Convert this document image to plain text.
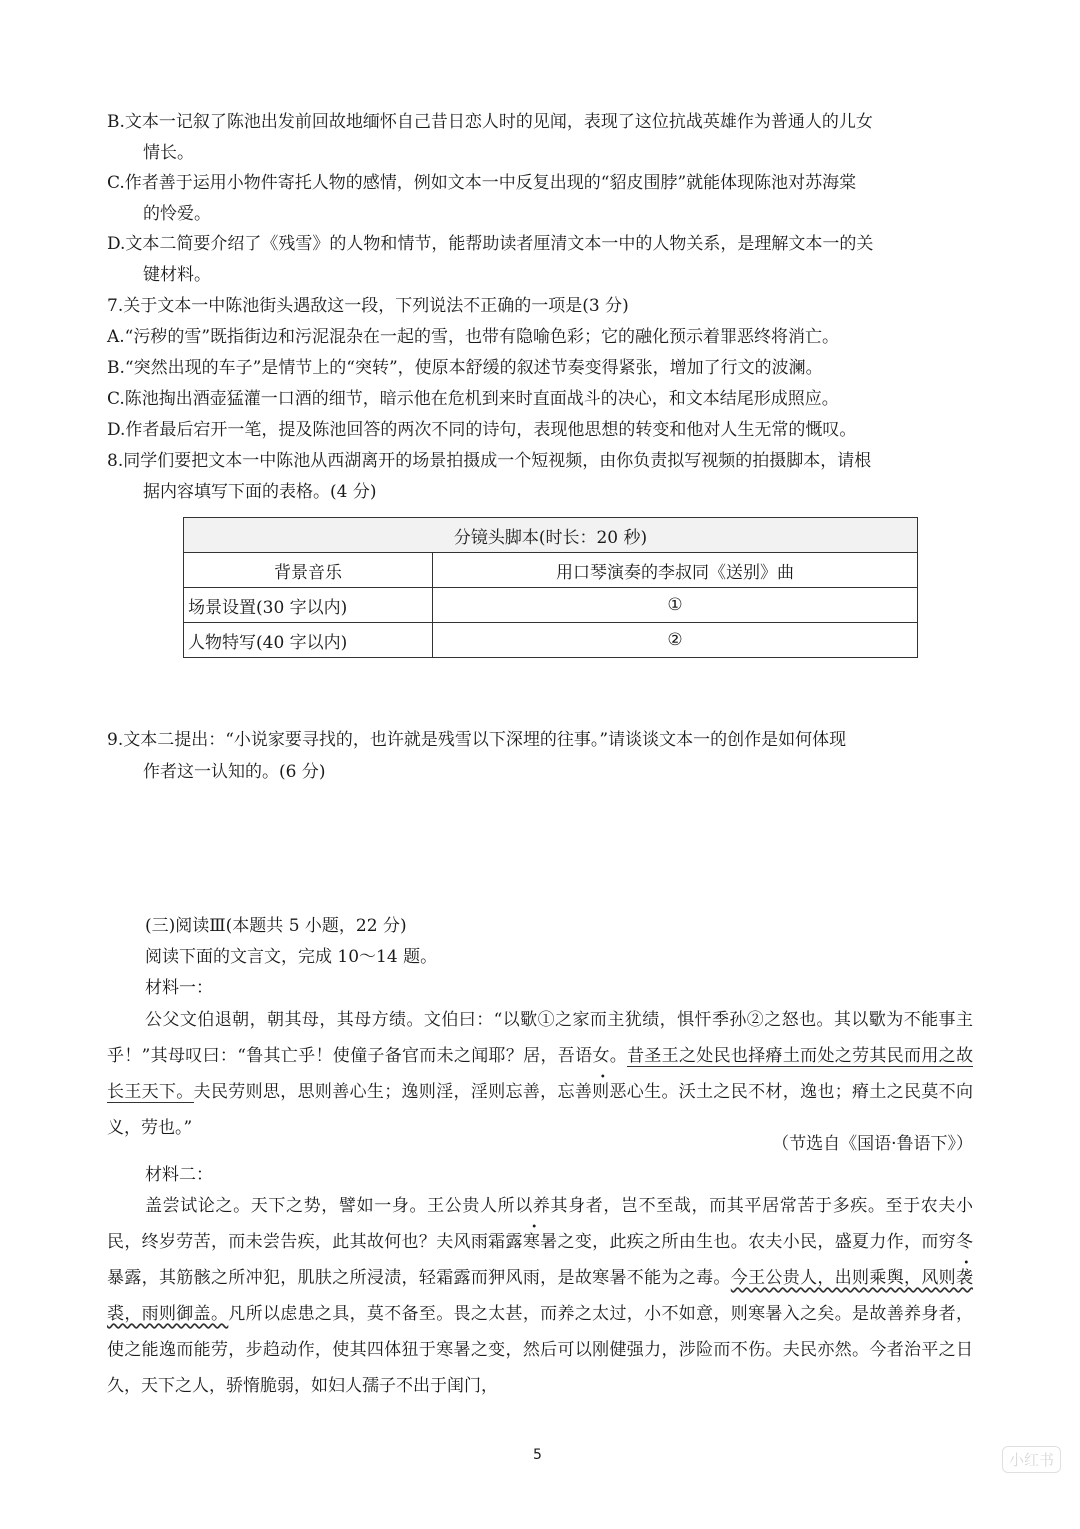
B.文本一记叙了陈池出发前回故地缅怀自己昔日恋人时的见闻，表现了这位抗战英雄作为普通人的儿女
情长。
C.作者善于运用小物件寄托人物的感情，例如文本一中反复出现的“貂皮围脖”就能体现陈池对苏海棠
的怜爱。
D.文本二简要介绍了《残雪》的人物和情节，能帮助读者厘清文本一中的人物关系，是理解文本一的关
键材料。
7.关于文本一中陈池街头遇敌这一段，下列说法不正确的一项是(3 分)
A.“污秽的雪”既指街边和污泥混杂在一起的雪，也带有隐喻色彩；它的融化预示着罪恶终将消亡。
B.“突然出现的车子”是情节上的“突转”，使原本舒缓的叙述节奏变得紧张，增加了行文的波澜。
C.陈池掏出酒壶猛灌一口酒的细节，暗示他在危机到来时直面战斗的决心，和文本结尾形成照应。
D.作者最后宕开一笔，提及陈池回答的两次不同的诗句，表现他思想的转变和他对人生无常的慨叹。
8.同学们要把文本一中陈池从西湖离开的场景拍摄成一个短视频，由你负责拟写视频的拍摄脚本，请根
据内容填写下面的表格。(4 分)
分镜头脚本(时长：20 秒)	
背景音乐	用口琴演奏的李叔同《送别》曲
场景设置(30 字以内)	①
人物特写(40 字以内)	②
9.文本二提出：“小说家要寻找的，也许就是残雪以下深埋的往事。”请谈谈文本一的创作是如何体现
作者这一认知的。(6 分)
(三)阅读Ⅲ(本题共 5 小题，22 分)
阅读下面的文言文，完成 10～14 题。
材料一：
公父文伯退朝，朝其母，其母方绩。文伯曰：“以歜①之家而主犹绩，惧忓季孙②之怒也。其以歜为不能事主乎！”其母叹曰：“鲁其亡乎！使僮子备官而未之闻耶？居，吾语女。昔圣王之处民也择瘠土而处之劳其民而用之故长王天下。夫民劳则思，思则善心生；逸则淫，淫则忘善，忘善则恶心生。沃土之民不材，逸也；瘠土之民莫不向义，劳也。”
（节选自《国语·鲁语下》）
材料二：
盖尝试论之。天下之势，譬如一身。王公贵人所以养其身者，岂不至哉，而其平居常苦于多疾。至于农夫小民，终岁劳苦，而未尝告疾，此其故何也？夫风雨霜露寒暑之变，此疾之所由生也。农夫小民，盛夏力作，而穷冬暴露，其筋骸之所冲犯，肌肤之所浸渍，轻霜露而狎风雨，是故寒暑不能为之毒。今王公贵人，出则乘舆，风则袭裘，雨则御盖。凡所以虑患之具，莫不备至。畏之太甚，而养之太过，小不如意，则寒暑入之矣。是故善养身者，使之能逸而能劳，步趋动作，使其四体狃于寒暑之变，然后可以刚健强力，涉险而不伤。夫民亦然。今者治平之日久，天下之人，骄惰脆弱，如妇人孺子不出于闺门，
5	小红书
